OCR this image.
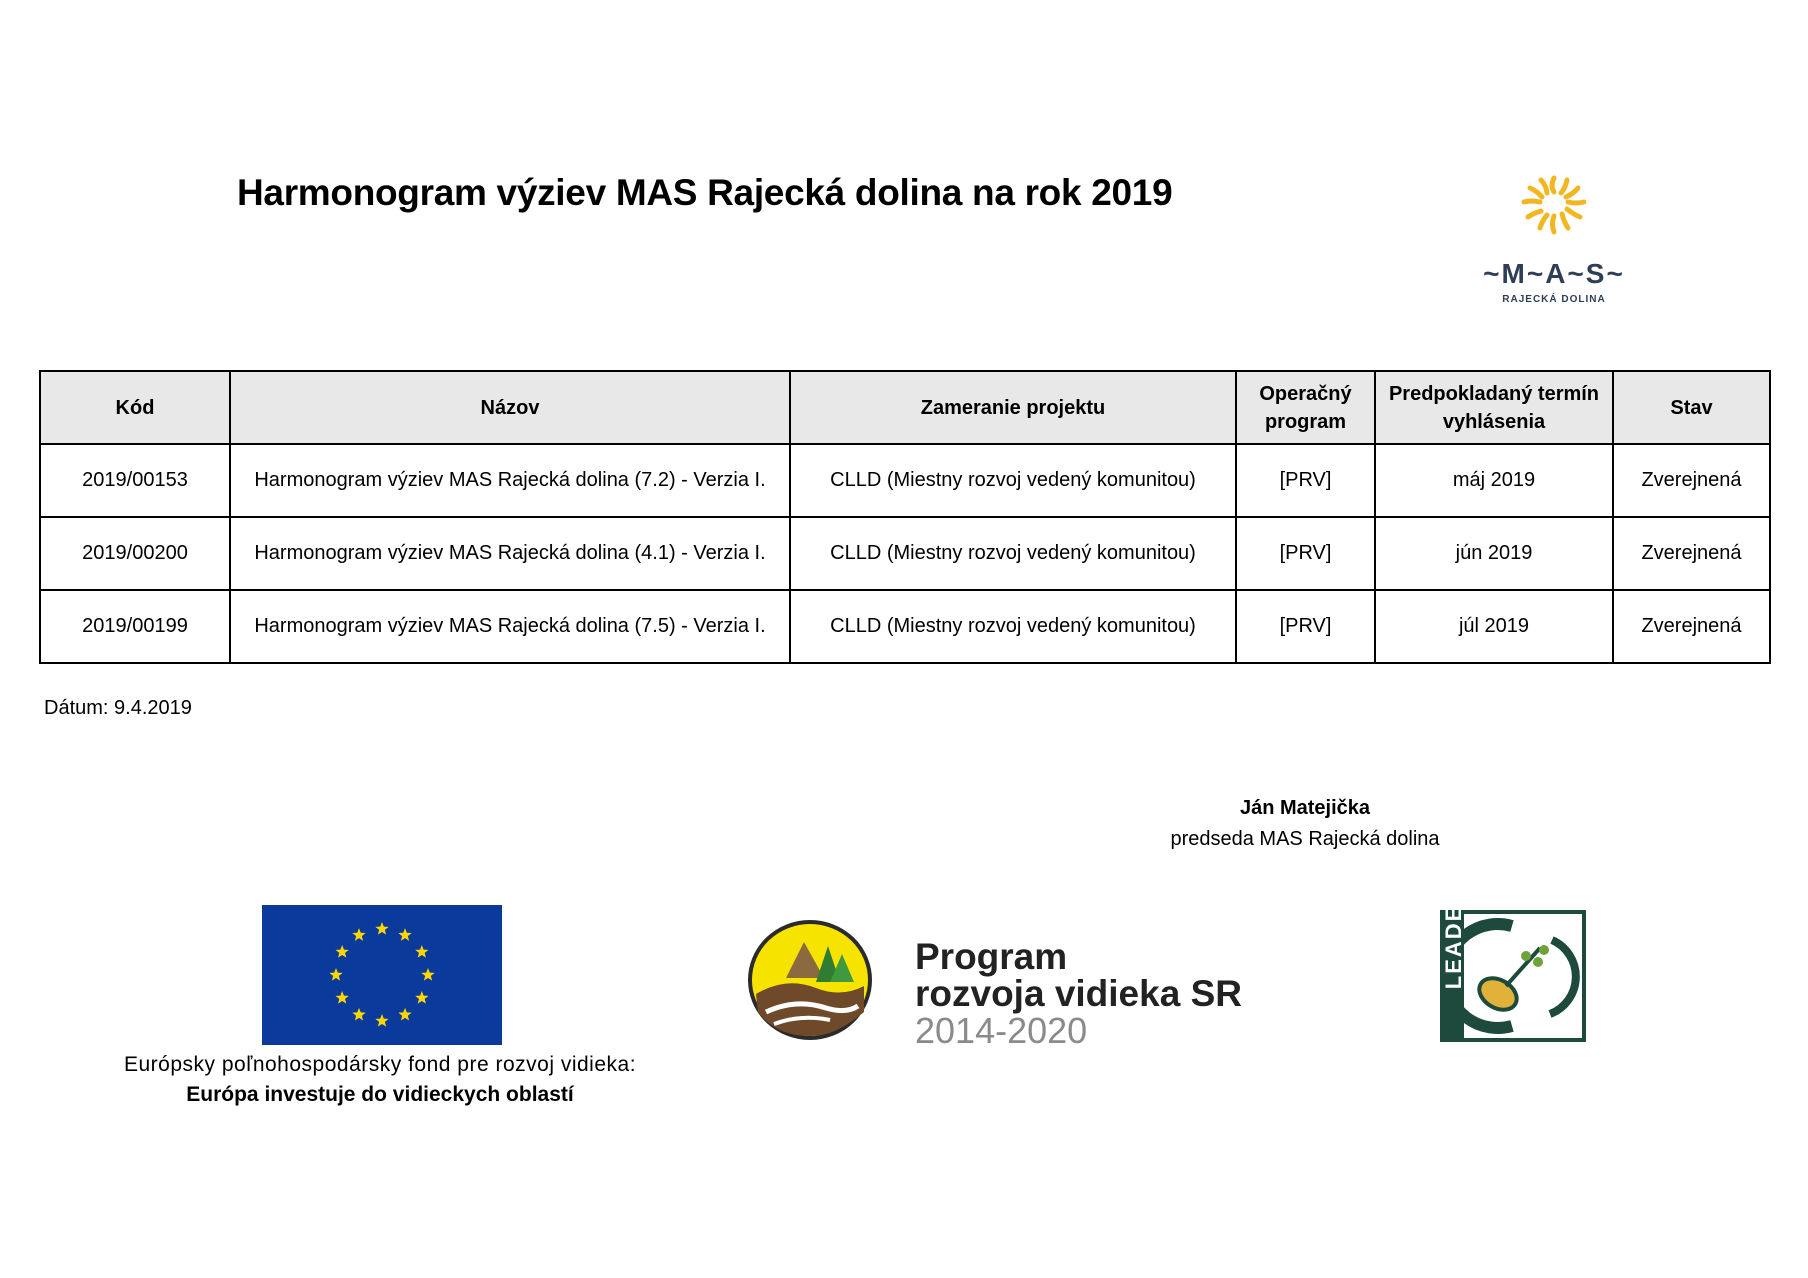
Harmonogram výziev MAS Rajecká dolina na rok 2019
~M~A~S~
RAJECKÁ DOLINA
Kód	Názov	Zameranie projektu	Operačný program	Predpokladaný termín vyhlásenia	Stav
2019/00153	Harmonogram výziev MAS Rajecká dolina (7.2) - Verzia I.	CLLD (Miestny rozvoj vedený komunitou)	[PRV]	máj 2019	Zverejnená
2019/00200	Harmonogram výziev MAS Rajecká dolina (4.1) - Verzia I.	CLLD (Miestny rozvoj vedený komunitou)	[PRV]	jún 2019	Zverejnená
2019/00199	Harmonogram výziev MAS Rajecká dolina (7.5) - Verzia I.	CLLD (Miestny rozvoj vedený komunitou)	[PRV]	júl 2019	Zverejnená
Dátum: 9.4.2019
Ján Matejička
predseda MAS Rajecká dolina
Európsky poľnohospodársky fond pre rozvoj vidieka:
Európa investuje do vidieckych oblastí
Program
rozvoja vidieka SR
2014-2020
LEADER
